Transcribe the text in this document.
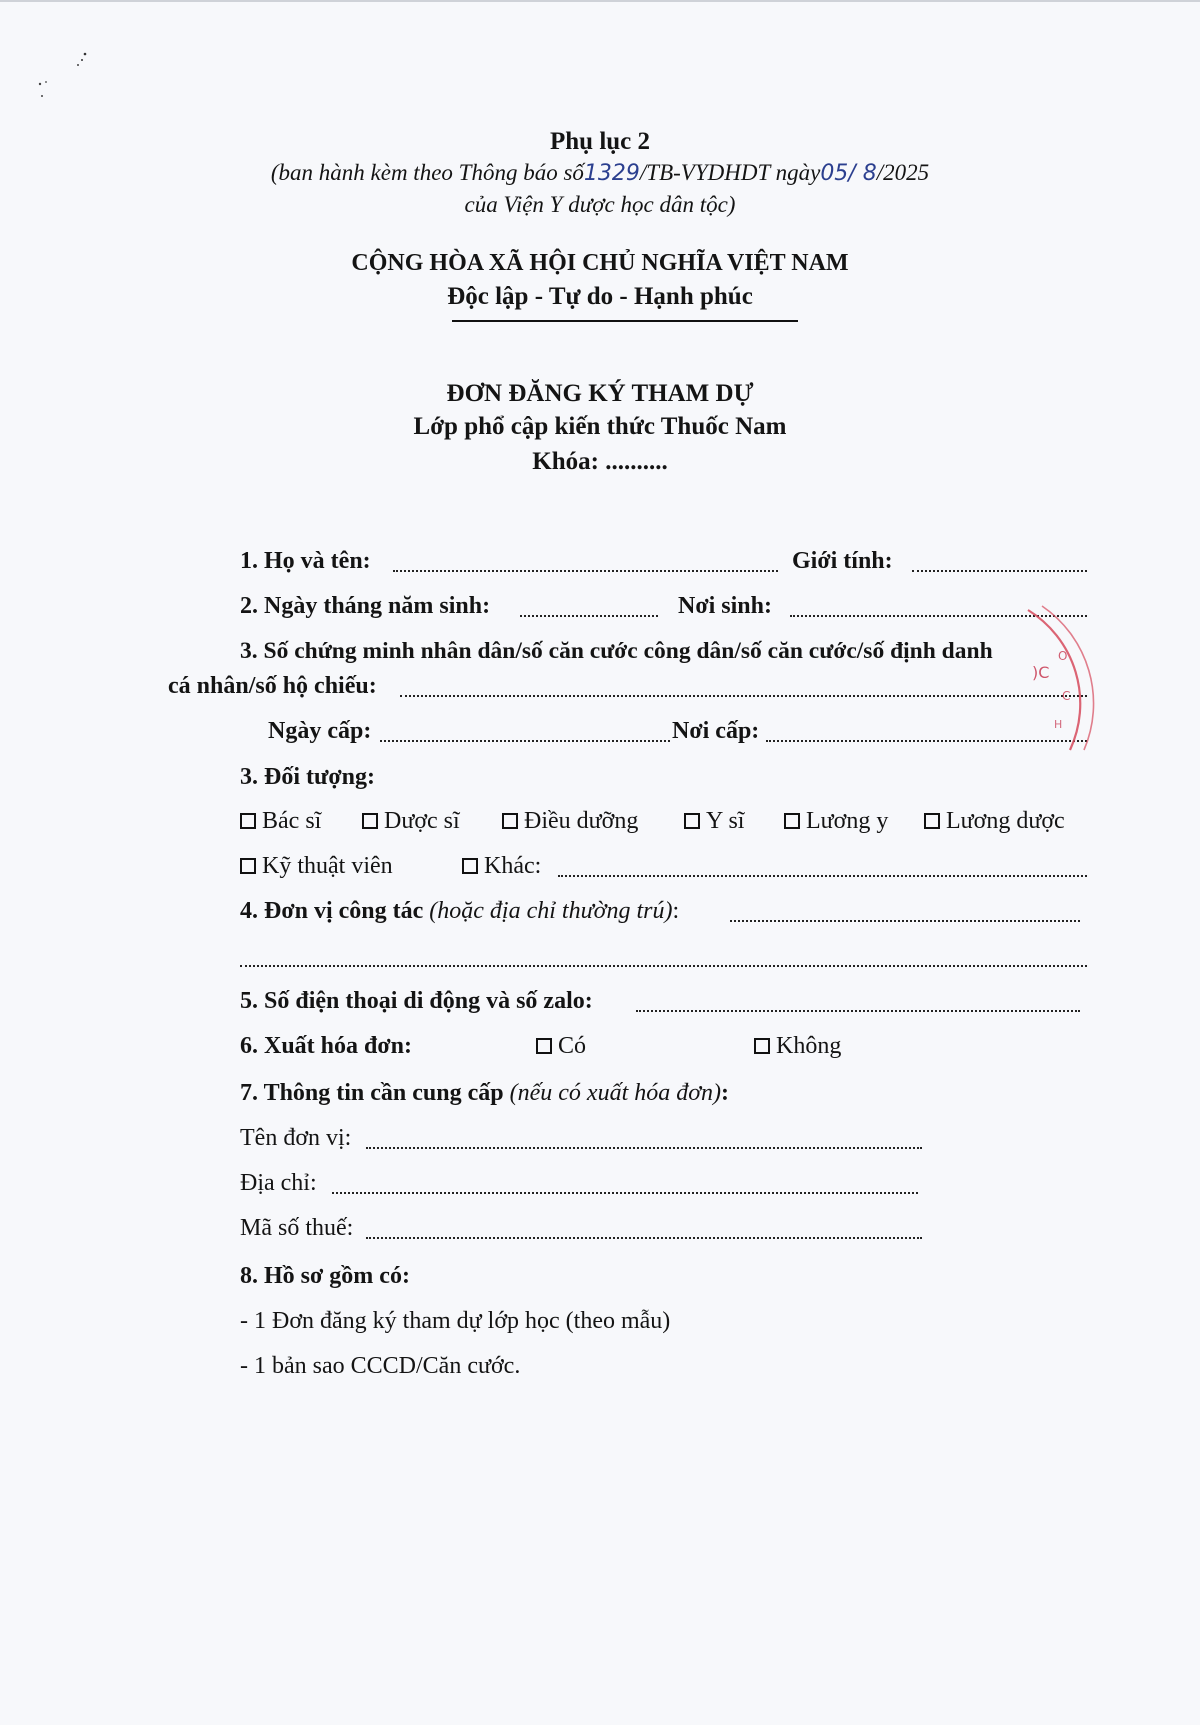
Phụ lục 2
(ban hành kèm theo Thông báo số1329/TB-VYDHDT ngày05/ 8/2025
của Viện Y dược học dân tộc)
CỘNG HÒA XÃ HỘI CHỦ NGHĨA VIỆT NAM
Độc lập - Tự do - Hạnh phúc
ĐƠN ĐĂNG KÝ THAM DỰ
Lớp phổ cập kiến thức Thuốc Nam
Khóa: ..........
1. Họ và tên:	Giới tính:
2. Ngày tháng năm sinh:	Nơi sinh:
3. Số chứng minh nhân dân/số căn cước công dân/số căn cước/số định danh
cá nhân/số hộ chiếu:
Ngày cấp:	Nơi cấp:
)C
O
C
H
3. Đối tượng:
Bác sĩ	Dược sĩ	Điều dưỡng	Y sĩ	Lương y	Lương dược
Kỹ thuật viên	Khác:
4. Đơn vị công tác (hoặc địa chỉ thường trú):
5. Số điện thoại di động và số zalo:
6. Xuất hóa đơn:	Có	Không
7. Thông tin cần cung cấp (nếu có xuất hóa đơn):
Tên đơn vị:
Địa chỉ:
Mã số thuế:
8. Hồ sơ gồm có:
- 1 Đơn đăng ký tham dự lớp học (theo mẫu)
- 1 bản sao CCCD/Căn cước.
